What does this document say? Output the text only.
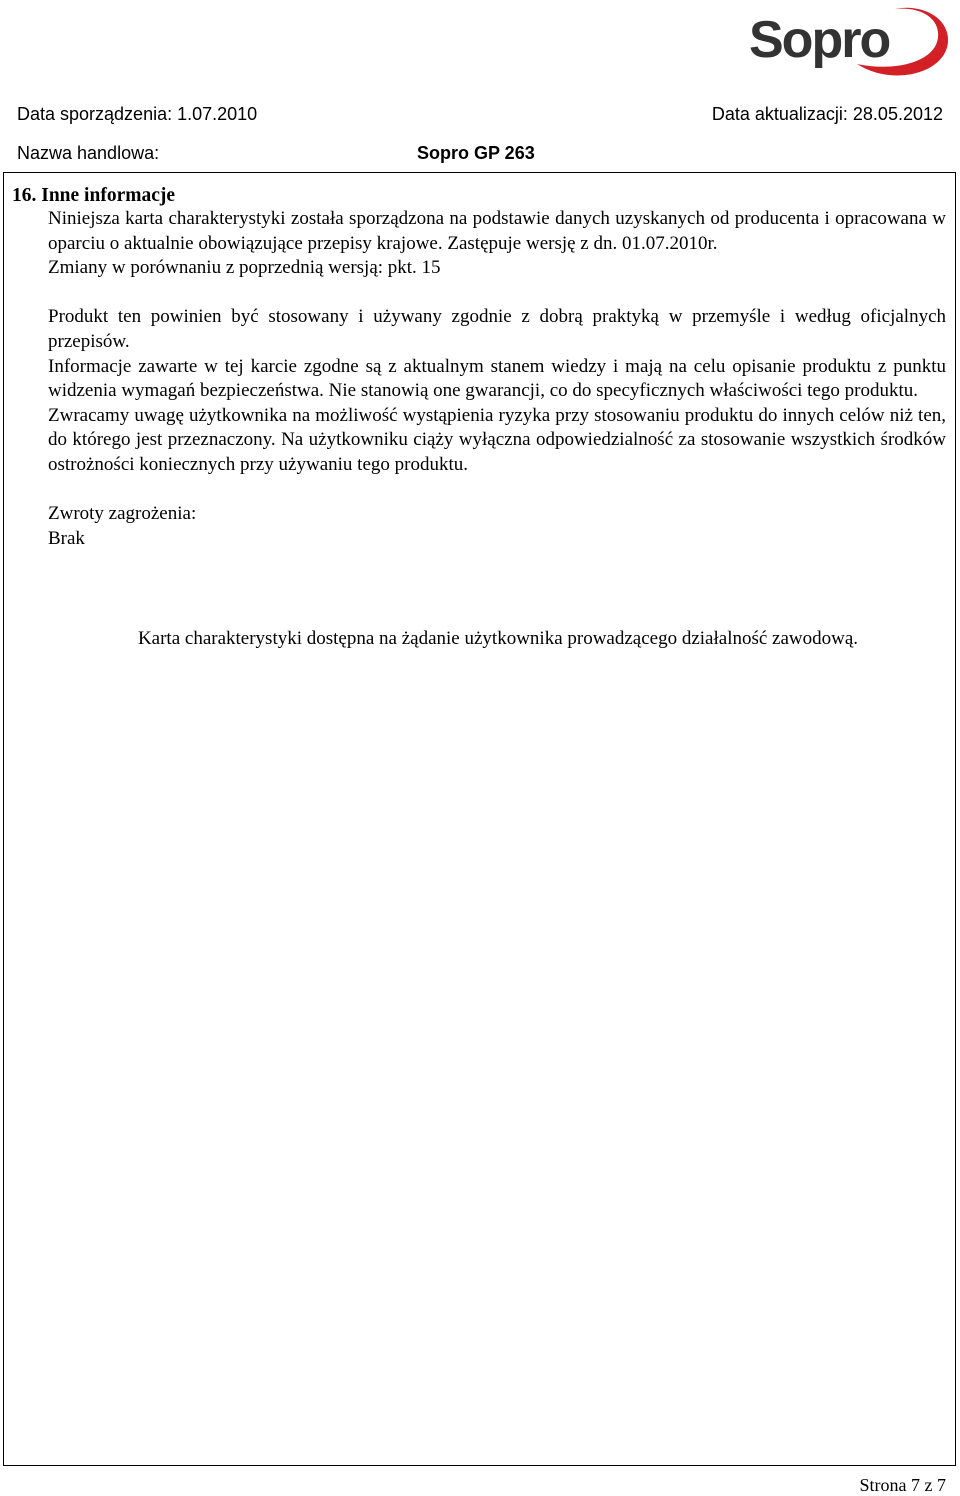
Sopro
Data sporządzenia: 1.07.2010	Data aktualizacji: 28.05.2012
Nazwa handlowa:	Sopro GP 263
16. Inne informacje

Niniejsza karta charakterystyki została sporządzona na podstawie danych uzyskanych od producenta i opracowana w oparciu o aktualnie obowiązujące przepisy krajowe. Zastępuje wersję z dn. 01.07.2010r.

Zmiany w porównaniu z poprzednią wersją: pkt. 15

Produkt ten powinien być stosowany i używany zgodnie z dobrą praktyką w przemyśle i według oficjalnych przepisów.

Informacje zawarte w tej karcie zgodne są z aktualnym stanem wiedzy i mają na celu opisanie produktu z punktu widzenia wymagań bezpieczeństwa. Nie stanowią one gwarancji, co do specyficznych właściwości tego produktu.

Zwracamy uwagę użytkownika na możliwość wystąpienia ryzyka przy stosowaniu produktu do innych celów niż ten, do którego jest przeznaczony. Na użytkowniku ciąży wyłączna odpowiedzialność za stosowanie wszystkich środków ostrożności koniecznych przy używaniu tego produktu.

Zwroty zagrożenia:

Brak

Karta charakterystyki dostępna na żądanie użytkownika prowadzącego działalność zawodową.
Strona 7 z 7
